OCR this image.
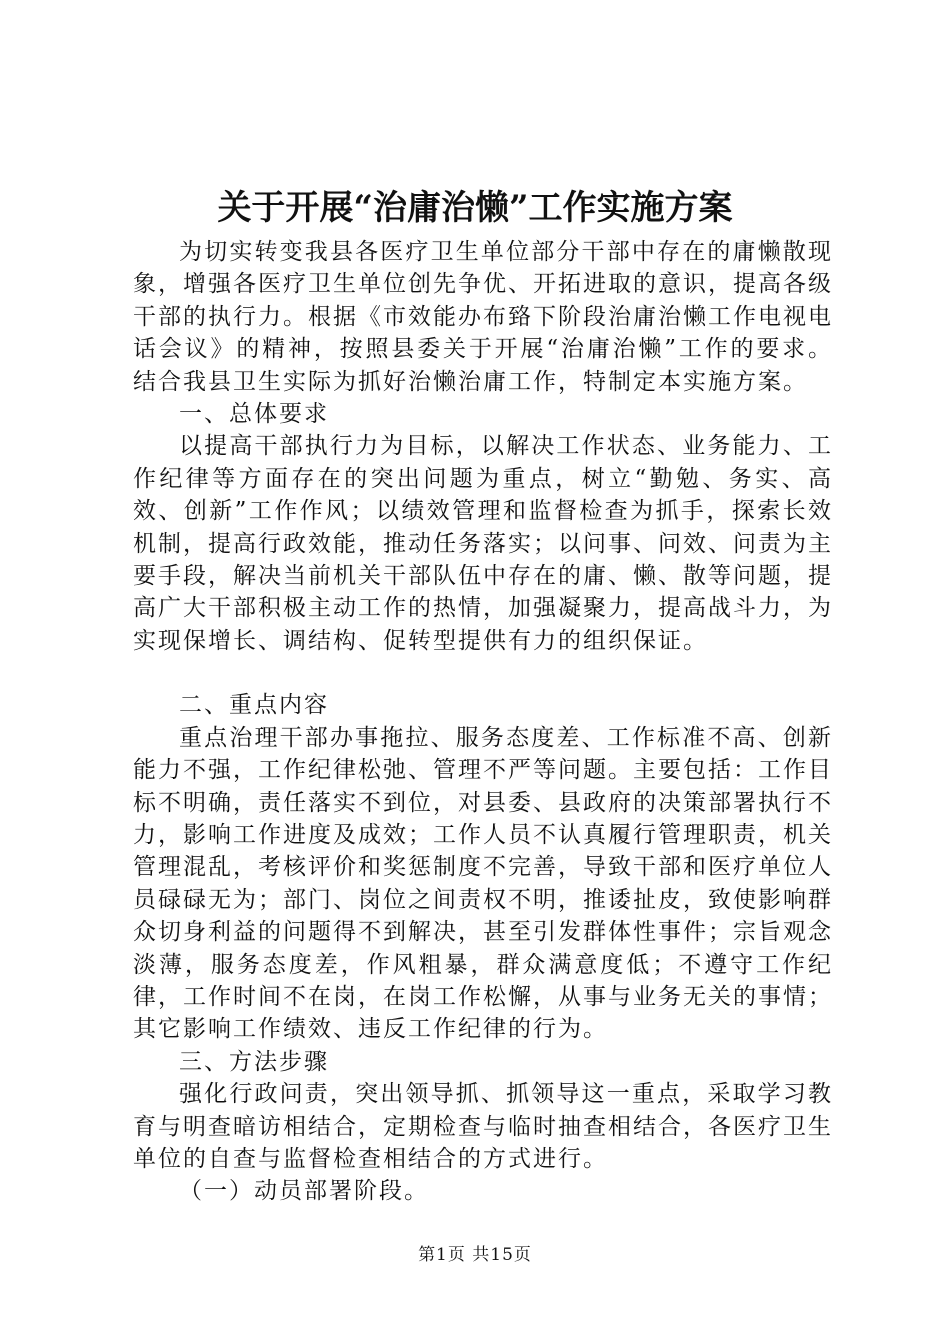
关于开展“治庸治懒”工作实施方案

为切实转变我县各医疗卫生单位部分干部中存在的庸懒散现象，增强各医疗卫生单位创先争优、开拓进取的意识，提高各级干部的执行力。根据《市效能办布臵下阶段治庸治懒工作电视电话会议》的精神，按照县委关于开展“治庸治懒”工作的要求。结合我县卫生实际为抓好治懒治庸工作，特制定本实施方案。

一、总体要求

以提高干部执行力为目标，以解决工作状态、业务能力、工作纪律等方面存在的突出问题为重点，树立“勤勉、务实、高效、创新”工作作风；以绩效管理和监督检查为抓手，探索长效机制，提高行政效能，推动任务落实；以问事、问效、问责为主要手段，解决当前机关干部队伍中存在的庸、懒、散等问题，提高广大干部积极主动工作的热情，加强凝聚力，提高战斗力，为实现保增长、调结构、促转型提供有力的组织保证。

二、重点内容

重点治理干部办事拖拉、服务态度差、工作标准不高、创新能力不强，工作纪律松弛、管理不严等问题。主要包括：工作目标不明确，责任落实不到位，对县委、县政府的决策部署执行不力，影响工作进度及成效；工作人员不认真履行管理职责，机关管理混乱，考核评价和奖惩制度不完善，导致干部和医疗单位人员碌碌无为；部门、岗位之间责权不明，推诿扯皮，致使影响群众切身利益的问题得不到解决，甚至引发群体性事件；宗旨观念淡薄，服务态度差，作风粗暴，群众满意度低；不遵守工作纪律，工作时间不在岗，在岗工作松懈，从事与业务无关的事情；其它影响工作绩效、违反工作纪律的行为。

三、方法步骤

强化行政问责，突出领导抓、抓领导这一重点，采取学习教育与明查暗访相结合，定期检查与临时抽查相结合，各医疗卫生单位的自查与监督检查相结合的方式进行。

（一）动员部署阶段。

第1页 共15页
